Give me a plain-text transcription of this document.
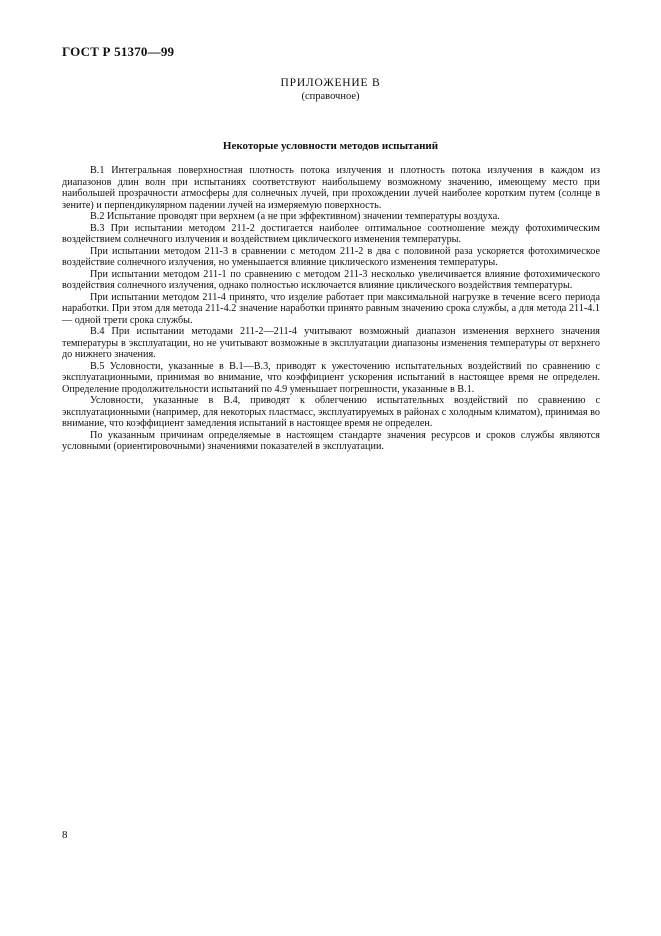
ГОСТ Р 51370—99
ПРИЛОЖЕНИЕ В
(справочное)
Некоторые условности методов испытаний

В.1 Интегральная поверхностная плотность потока излучения и плотность потока излучения в каждом из диапазонов длин волн при испытаниях соответствуют наибольшему возможному значению, имеющему место при наибольшей прозрачности атмосферы для солнечных лучей, при прохождении лучей наиболее коротким путем (солнце в зените) и перпендикулярном падении лучей на измеряемую поверхность.

В.2 Испытание проводят при верхнем (а не при эффективном) значении температуры воздуха.

В.3 При испытании методом 211-2 достигается наиболее оптимальное соотношение между фотохимическим воздействием солнечного излучения и воздействием циклического изменения температуры.

При испытании методом 211-3 в сравнении с методом 211-2 в два с половиной раза ускоряется фотохимическое воздействие солнечного излучения, но уменьшается влияние циклического изменения температуры.

При испытании методом 211-1 по сравнению с методом 211-3 несколько увеличивается влияние фотохимического воздействия солнечного излучения, однако полностью исключается влияние циклического воздействия температуры.

При испытании методом 211-4 принято, что изделие работает при максимальной нагрузке в течение всего периода наработки. При этом для метода 211-4.2 значение наработки принято равным значению срока службы, а для метода 211-4.1 — одной трети срока службы.

В.4 При испытании методами 211-2—211-4 учитывают возможный диапазон изменения верхнего значения температуры в эксплуатации, но не учитывают возможные в эксплуатации диапазоны изменения температуры от верхнего до нижнего значения.

В.5 Условности, указанные в В.1—В.3, приводят к ужесточению испытательных воздействий по сравнению с эксплуатационными, принимая во внимание, что коэффициент ускорения испытаний в настоящее время не определен. Определение продолжительности испытаний по 4.9 уменьшает погрешности, указанные в В.1.

Условности, указанные в В.4, приводят к облегчению испытательных воздействий по сравнению с эксплуатационными (например, для некоторых пластмасс, эксплуатируемых в районах с холодным климатом), принимая во внимание, что коэффициент замедления испытаний в настоящее время не определен.

По указанным причинам определяемые в настоящем стандарте значения ресурсов и сроков службы являются условными (ориентировочными) значениями показателей в эксплуатации.

8
